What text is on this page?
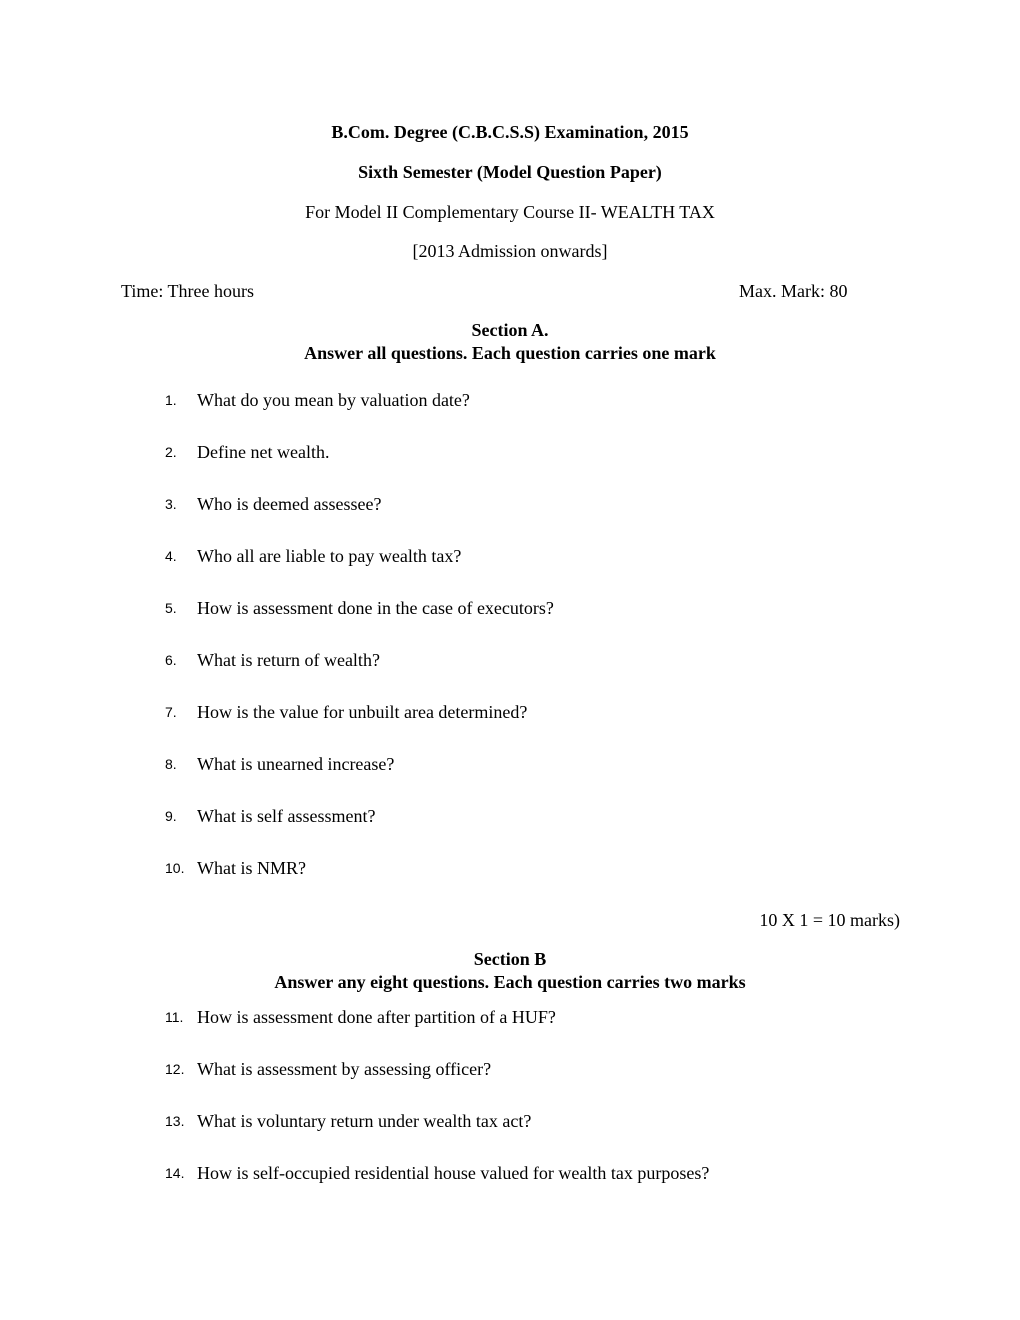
B.Com. Degree (C.B.C.S.S) Examination, 2015
Sixth Semester (Model Question Paper)
For Model II Complementary Course II- WEALTH TAX
[2013 Admission onwards]
Time: Three hours	Max. Mark: 80
Section A.
Answer all questions. Each question carries one mark
1. What do you mean by valuation date?
2. Define net wealth.
3. Who is deemed assessee?
4. Who all are liable to pay wealth tax?
5. How is assessment done in the case of executors?
6. What is return of wealth?
7. How is the value for unbuilt area determined?
8. What is unearned increase?
9. What is self assessment?
10. What is NMR?
10 X 1 = 10 marks)
Section B
Answer any eight questions. Each question carries two marks
11. How is assessment done after partition of a HUF?
12. What is assessment by assessing officer?
13. What is voluntary return under wealth tax act?
14. How is self-occupied residential house valued for wealth tax purposes?
